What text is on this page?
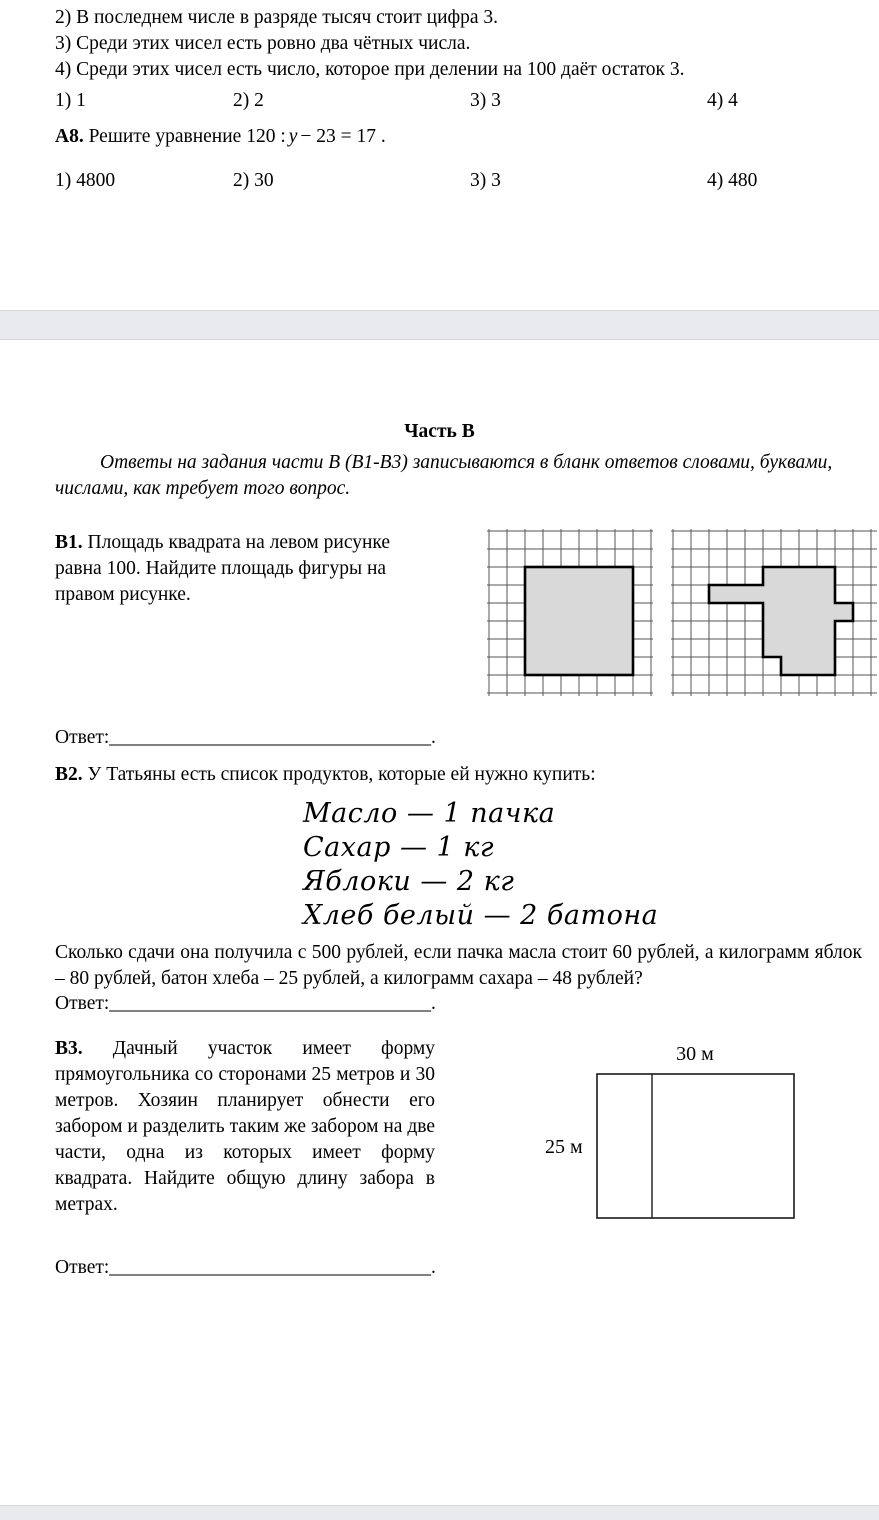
2) В последнем числе в разряде тысяч стоит цифра 3.
3) Среди этих чисел есть ровно два чётных числа.
4) Среди этих чисел есть число, которое при делении на 100 даёт остаток 3.
1) 1	2) 2	3) 3	4) 4
А8. Решите уравнение 120 : y − 23 = 17 .
1) 4800	2) 30	3) 3	4) 480
Часть В
Ответы на задания части В (В1-В3) записываются в бланк ответов словами, буквами, числами, как требует того вопрос.
В1. Площадь квадрата на левом рисунке равна 100. Найдите площадь фигуры на правом рисунке.
Ответ:_________________________________.
В2. У Татьяны есть список продуктов, которые ей нужно купить:
Масло — 1 пачка
Сахар — 1 кг
Яблоки — 2 кг
Хлеб белый — 2 батона
Сколько сдачи она получила с 500 рублей, если пачка масла стоит 60 рублей, а килограмм яблок – 80 рублей, батон хлеба – 25 рублей, а килограмм сахара – 48 рублей?
Ответ:_________________________________.
В3. Дачный участок имеет форму прямоугольника со сторонами 25 метров и 30 метров. Хозяин планирует обнести его забором и разделить таким же забором на две части, одна из которых имеет форму квадрата. Найдите общую длину забора в метрах.
30 м
25 м
Ответ:_________________________________.
